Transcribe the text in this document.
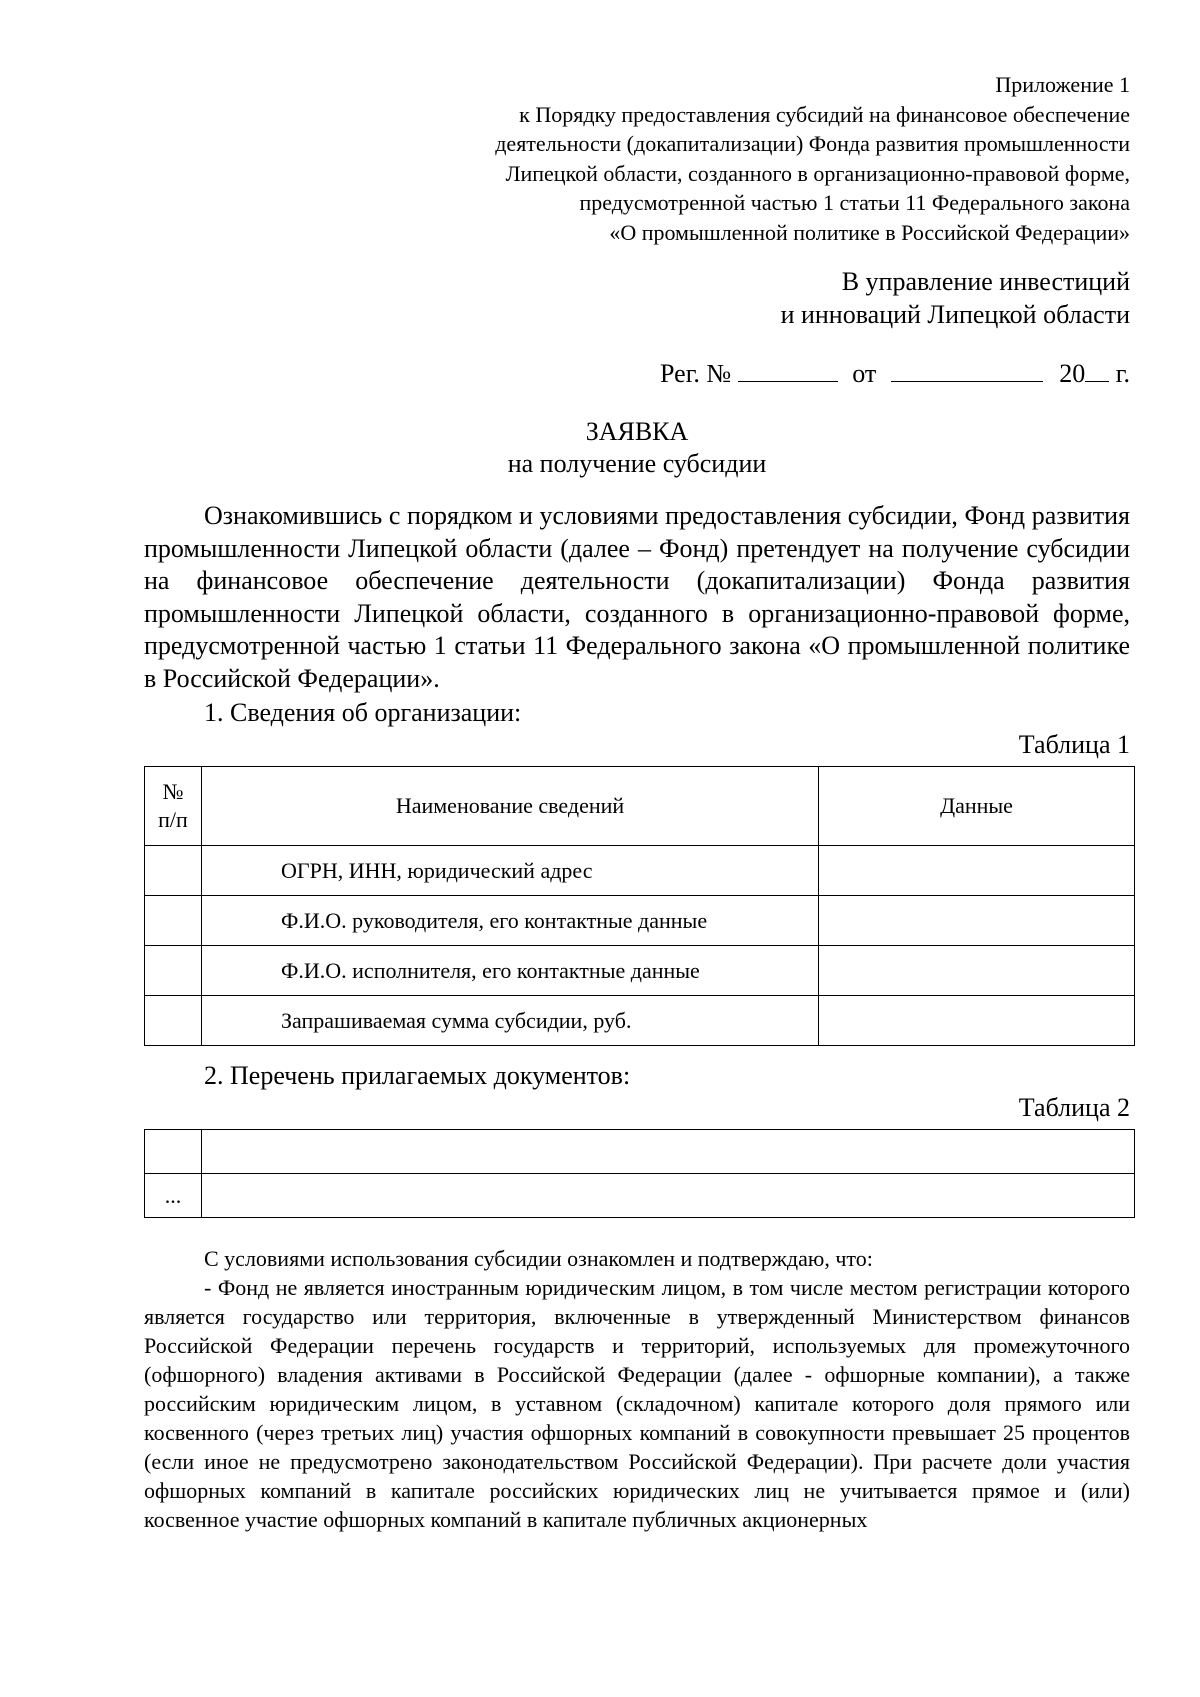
Приложение 1
к Порядку предоставления субсидий на финансовое обеспечение
деятельности (докапитализации) Фонда развития промышленности
Липецкой области, созданного в организационно-правовой форме,
предусмотренной частью 1 статьи 11 Федерального закона
«О промышленной политике в Российской Федерации»
В управление инвестиций
и инноваций Липецкой области
Рег. №	от	20 г.
ЗАЯВКА
на получение субсидии
Ознакомившись с порядком и условиями предоставления субсидии, Фонд развития промышленности Липецкой области (далее – Фонд) претендует на получение субсидии на финансовое обеспечение деятельности (докапитализации) Фонда развития промышленности Липецкой области, созданного в организационно-правовой форме, предусмотренной частью 1 статьи 11 Федерального закона «О промышленной политике в Российской Федерации».
1. Сведения об организации:
Таблица 1
№ п/п	Наименование сведений	Данные
	ОГРН, ИНН, юридический адрес	
	Ф.И.О. руководителя, его контактные данные	
	Ф.И.О. исполнителя, его контактные данные	
	Запрашиваемая сумма субсидии, руб.	
2. Перечень прилагаемых документов:
Таблица 2

...	
С условиями использования субсидии ознакомлен и подтверждаю, что:
- Фонд не является иностранным юридическим лицом, в том числе местом регистрации которого является государство или территория, включенные в утвержденный Министерством финансов Российской Федерации перечень государств и территорий, используемых для промежуточного (офшорного) владения активами в Российской Федерации (далее - офшорные компании), а также российским юридическим лицом, в уставном (складочном) капитале которого доля прямого или косвенного (через третьих лиц) участия офшорных компаний в совокупности превышает 25 процентов (если иное не предусмотрено законодательством Российской Федерации). При расчете доли участия офшорных компаний в капитале российских юридических лиц не учитывается прямое и (или) косвенное участие офшорных компаний в капитале публичных акционерных
